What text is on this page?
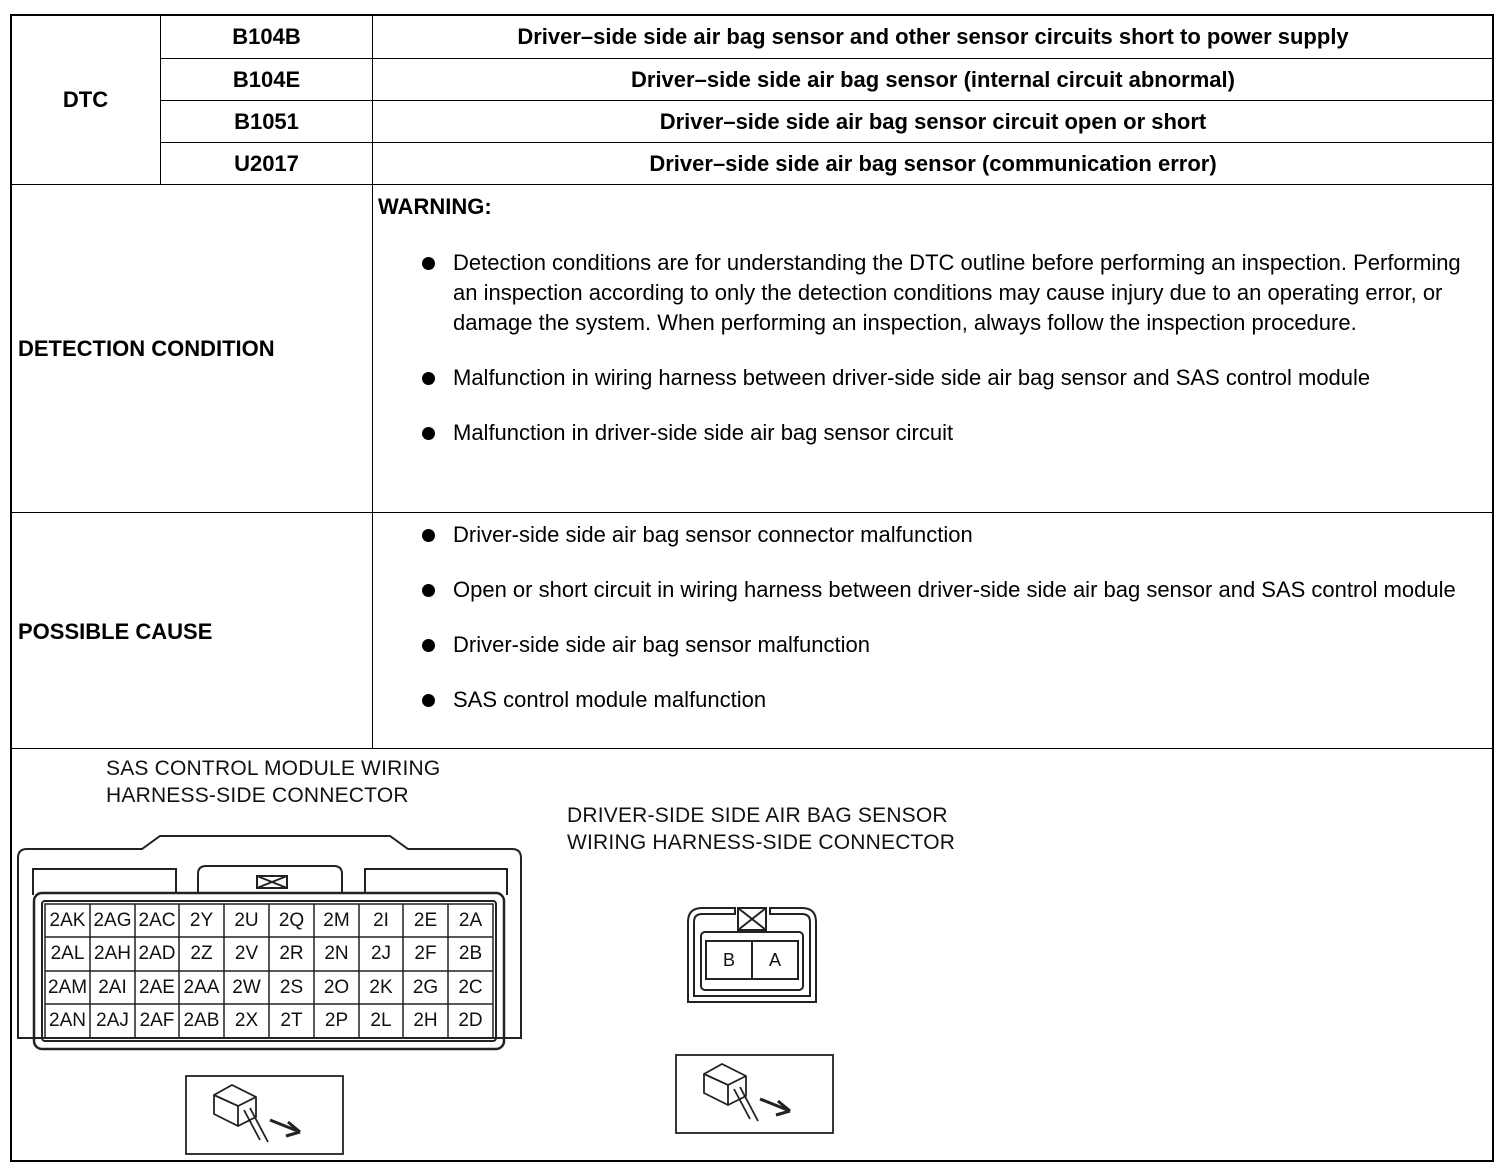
DTC
B104B	Driver–side side air bag sensor and other sensor circuits short to power supply
B104E	Driver–side side air bag sensor (internal circuit abnormal)
B1051	Driver–side side air bag sensor circuit open or short
U2017	Driver–side side air bag sensor (communication error)
DETECTION CONDITION
WARNING:
Detection conditions are for understanding the DTC outline before performing an inspection. Performing an inspection according to only the detection conditions may cause injury due to an operating error, or damage the system. When performing an inspection, always follow the inspection procedure.
Malfunction in wiring harness between driver-side side air bag sensor and SAS control module
Malfunction in driver-side side air bag sensor circuit
POSSIBLE CAUSE
Driver-side side air bag sensor connector malfunction
Open or short circuit in wiring harness between driver-side side air bag sensor and SAS control module
Driver-side side air bag sensor malfunction
SAS control module malfunction
SAS CONTROL MODULE WIRING
HARNESS-SIDE CONNECTOR
DRIVER-SIDE SIDE AIR BAG SENSOR
WIRING HARNESS-SIDE CONNECTOR
2AK 2AG 2AC 2Y	2U	2Q	2M	2I	2E	2A
2AL 2AH 2AD 2Z	2V	2R	2N	2J	2F	2B
2AM 2AI 2AE 2AA 2W	2S	2O	2K	2G	2C
2AN 2AJ 2AF 2AB 2X	2T	2P	2L	2H	2D
B	A
